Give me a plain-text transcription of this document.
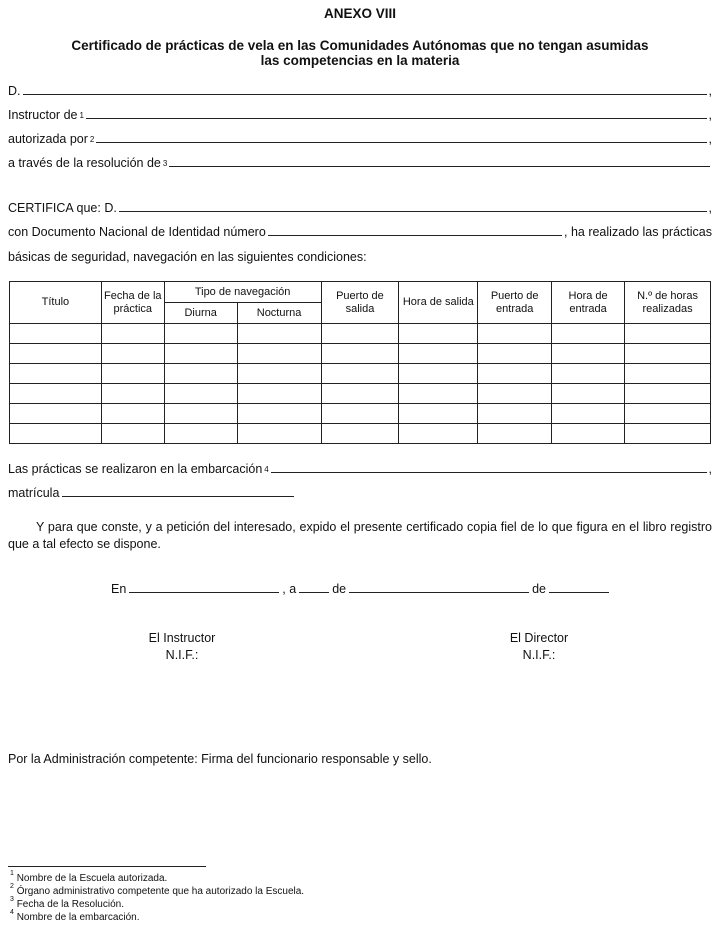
ANEXO VIII
Certificado de prácticas de vela en las Comunidades Autónomas que no tengan asumidas
las competencias en la materia
D.	,
Instructor de $^1$	,
autorizada por $^2$	,
a través de la resolución de $^3$
CERTIFICA que: D.	,
con Documento Nacional de Identidad número	, ha realizado las prácticas
básicas de seguridad, navegación en las siguientes condiciones:
Título	Fecha de la práctica	Tipo de navegación		Puerto de salida	Hora de salida	Puerto de entrada	Hora de entrada	N.º de horas realizadas
		Diurna	Nocturna					

Las prácticas se realizaron en la embarcación $^4$	,
matrícula
Y para que conste, y a petición del interesado, expido el presente certificado copia fiel de lo que figura en el libro registro que a tal efecto se dispone.
En	, a	de	de
El Instructor
N.I.F.:
El Director
N.I.F.:
Por la Administración competente: Firma del funcionario responsable y sello.
$^1$ Nombre de la Escuela autorizada.
$^2$ Órgano administrativo competente que ha autorizado la Escuela.
$^3$ Fecha de la Resolución.
$^4$ Nombre de la embarcación.
